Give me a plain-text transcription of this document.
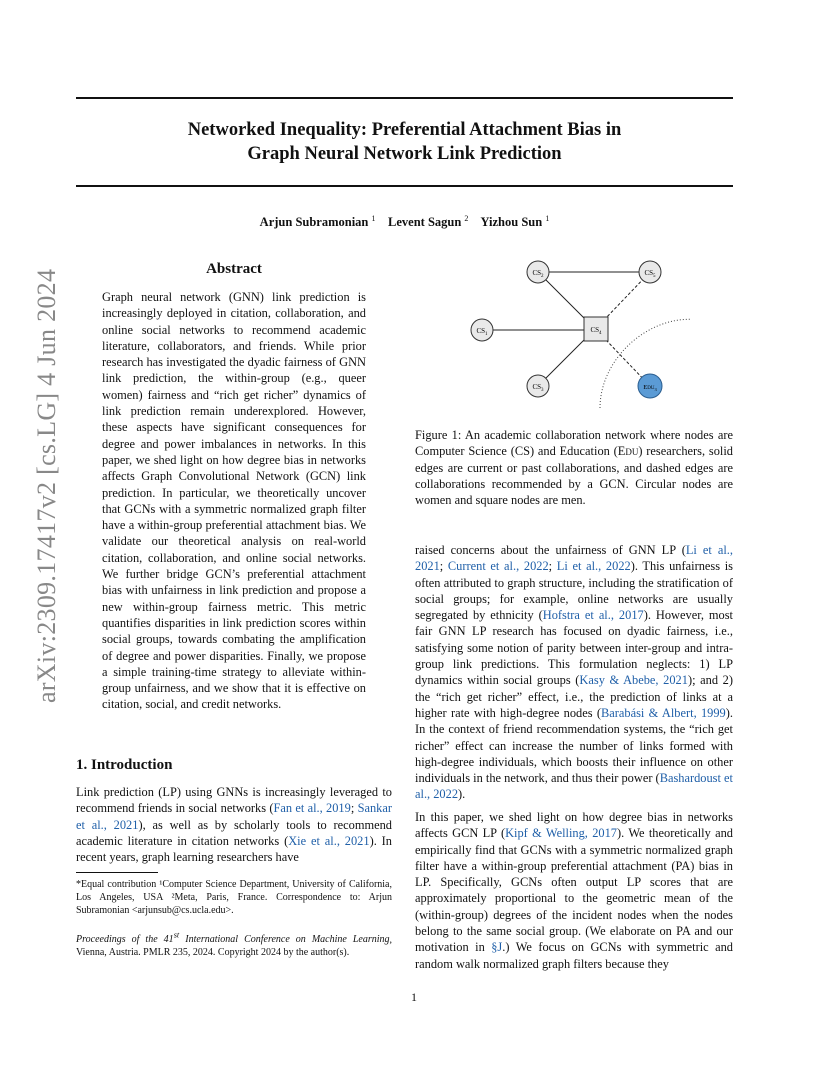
Networked Inequality: Preferential Attachment Bias in
Graph Neural Network Link Prediction
Arjun Subramonian $^1$ Levent Sagun $^2$ Yizhou Sun $^1$
arXiv:2309.17417v2 [cs.LG] 4 Jun 2024	Abstract
Graph neural network (GNN) link prediction is increasingly deployed in citation, collaboration, and online social networks to recommend academic literature, collaborators, and friends. While prior research has investigated the dyadic fairness of GNN link prediction, the within-group (e.g., queer women) fairness and “rich get richer” dynamics of link prediction remain underexplored. However, these aspects have significant consequences for degree and power imbalances in networks. In this paper, we shed light on how degree bias in networks affects Graph Convolutional Network (GCN) link prediction. In particular, we theoretically uncover that GCNs with a symmetric normalized graph filter have a within-group preferential attachment bias. We validate our theoretical analysis on real-world citation, collaboration, and online social networks. We further bridge GCN’s preferential attachment bias with unfairness in link prediction and propose a new within-group fairness metric. This metric quantifies disparities in link prediction scores within social groups, towards combating the amplification of degree and power disparities. Finally, we propose a simple training-time strategy to alleviate within-group unfairness, and we show that it is effective on citation, social, and credit networks.
1. Introduction
Link prediction (LP) using GNNs is increasingly leveraged to recommend friends in social networks (Fan et al., 2019; Sankar et al., 2021), as well as by scholarly tools to recommend academic literature in citation networks (Xie et al., 2021). In recent years, graph learning researchers have
*Equal contribution ¹Computer Science Department, University of California, Los Angeles, USA ²Meta, Paris, France. Correspondence to: Arjun Subramonian <arjunsub@cs.ucla.edu>.
Proceedings of the 41st International Conference on Machine Learning, Vienna, Austria. PMLR 235, 2024. Copyright 2024 by the author(s).
$CS_2$	$CS_5$
$CS_1$
$CS_4$
$CS_3$	$EDU_3$
Figure 1: An academic collaboration network where nodes are Computer Science (CS) and Education (Edu) researchers, solid edges are current or past collaborations, and dashed edges are collaborations recommended by a GCN. Circular nodes are women and square nodes are men.
raised concerns about the unfairness of GNN LP (Li et al., 2021; Current et al., 2022; Li et al., 2022). This unfairness is often attributed to graph structure, including the stratification of social groups; for example, online networks are usually segregated by ethnicity (Hofstra et al., 2017). However, most fair GNN LP research has focused on dyadic fairness, i.e., satisfying some notion of parity between inter-group and intra-group link predictions. This formulation neglects: 1) LP dynamics within social groups (Kasy & Abebe, 2021); and 2) the “rich get richer” effect, i.e., the prediction of links at a higher rate with high-degree nodes (Barabási & Albert, 1999). In the context of friend recommendation systems, the “rich get richer” effect can increase the number of links formed with high-degree individuals, which boosts their influence on other individuals in the network, and thus their power (Bashardoust et al., 2022).
In this paper, we shed light on how degree bias in networks affects GCN LP (Kipf & Welling, 2017). We theoretically and empirically find that GCNs with a symmetric normalized graph filter have a within-group preferential attachment (PA) bias in LP. Specifically, GCNs often output LP scores that are approximately proportional to the geometric mean of the (within-group) degrees of the incident nodes when the nodes belong to the same social group. (We elaborate on PA and our motivation in §J.) We focus on GCNs with symmetric and random walk normalized graph filters because they
1
